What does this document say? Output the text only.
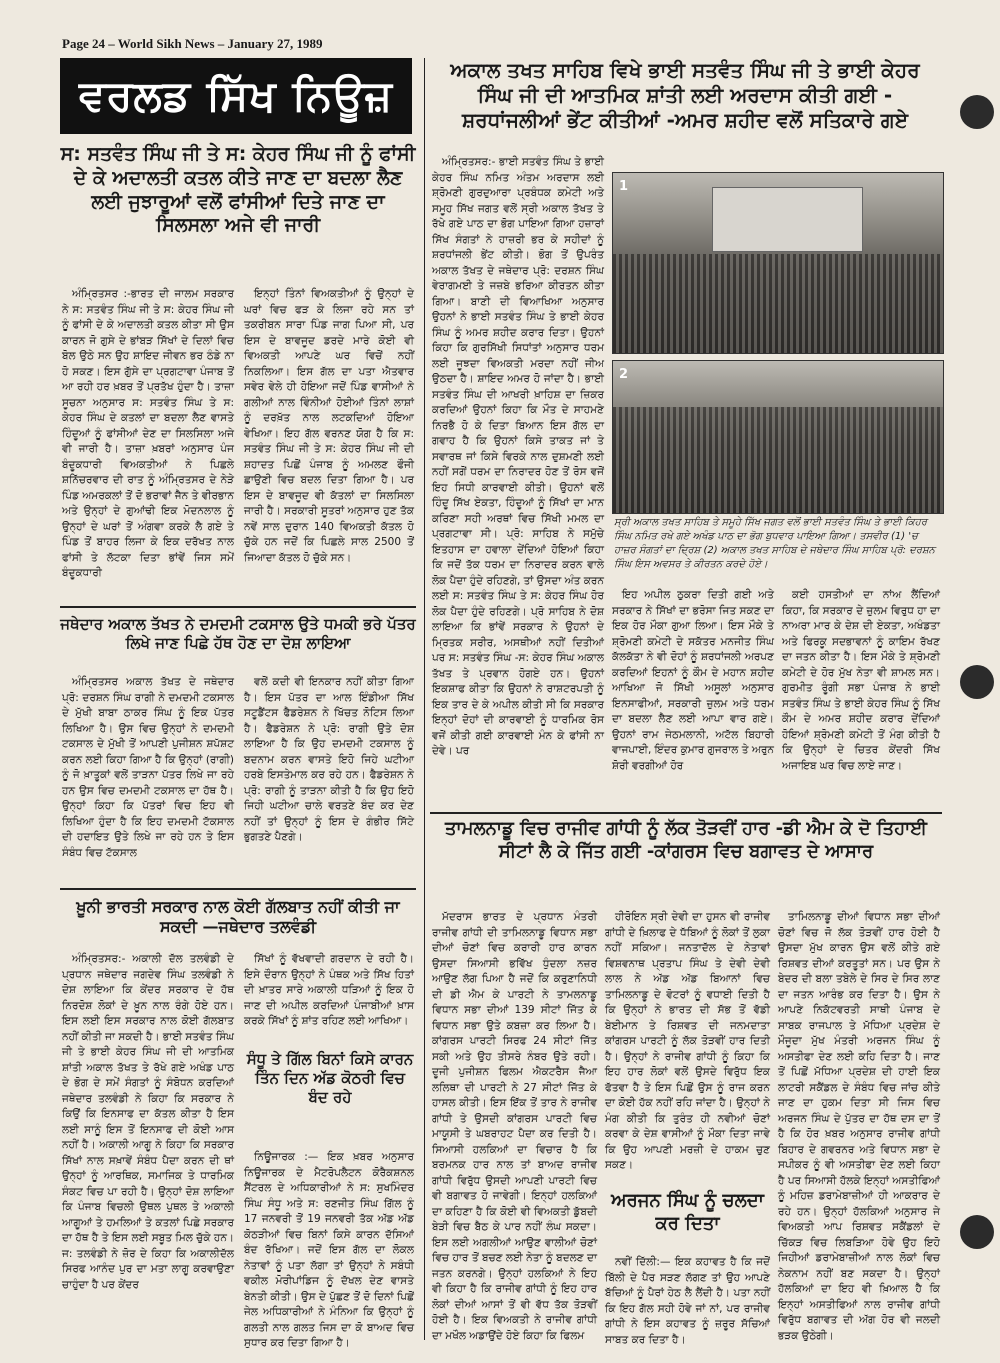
Page 24 – World Sikh News – January 27, 1989
ਵਰਲਡ ਸਿੱਖ ਨਿਊਜ਼
ਸ: ਸਤਵੰਤ ਸਿੰਘ ਜੀ ਤੇ ਸ: ਕੇਹਰ ਸਿੰਘ ਜੀ ਨੂੰ ਫਾਂਸੀ ਦੇ ਕੇ ਅਦਾਲਤੀ ਕਤਲ ਕੀਤੇ ਜਾਣ ਦਾ ਬਦਲਾ ਲੈਣ ਲਈ ਜੁਝਾਰੂਆਂ ਵਲੋਂ ਫਾਂਸੀਆਂ ਦਿਤੇ ਜਾਣ ਦਾ ਸਿਲਸਲਾ ਅਜੇ ਵੀ ਜਾਰੀ

ਅੰਮ੍ਰਿਤਸਰ :-ਭਾਰਤ ਦੀ ਜਾਲਮ ਸਰਕਾਰ ਨੇ ਸ: ਸਤਵੰਤ ਸਿੰਘ ਜੀ ਤੇ ਸ: ਕੇਹਰ ਸਿੰਘ ਜੀ ਨੂੰ ਫਾਂਸੀ ਦੇ ਕੇ ਅਦਾਲਤੀ ਕਤਲ ਕੀਤਾ ਸੀ ਉਸ ਕਾਰਨ ਜੋ ਗੁਸੇ ਦੇ ਭਾਂਬੜ ਸਿੱਖਾਂ ਦੇ ਦਿਲਾਂ ਵਿਚ ਬੋਲ ਉਠੇ ਸਨ ਉਹ ਸ਼ਾਇਦ ਜੀਵਨ ਭਰ ਠੰਡੇ ਨਾ ਹੋ ਸਕਣ। ਇਸ ਗੁੱਸੇ ਦਾ ਪ੍ਰਗਟਾਵਾ ਪੰਜਾਬ ਤੋਂ ਆ ਰਹੀ ਹਰ ਖ਼ਬਰ ਤੋਂ ਪ੍ਰਤੱਖ ਹੁੰਦਾ ਹੈ। ਤਾਜ਼ਾ ਸੂਚਨਾ ਅਨੁਸਾਰ ਸ: ਸਤਵੰਤ ਸਿੰਘ ਤੇ ਸ: ਕੇਹਰ ਸਿੰਘ ਦੇ ਕਤਲਾਂ ਦਾ ਬਦਲਾ ਲੈਣ ਵਾਸਤੇ ਹਿੰਦੂਆਂ ਨੂੰ ਫਾਂਸੀਆਂ ਦੇਣ ਦਾ ਸਿਲਸਿਲਾ ਅਜੇ ਵੀ ਜਾਰੀ ਹੈ। ਤਾਜ਼ਾ ਖ਼ਬਰਾਂ ਅਨੁਸਾਰ ਪੰਜ ਬੰਦੂਕਧਾਰੀ ਵਿਅਕਤੀਆਂ ਨੇ ਪਿਛਲੇ ਸ਼ਨਿੱਚਰਵਾਰ ਦੀ ਰਾਤ ਨੂੰ ਅੰਮ੍ਰਿਤਸਰ ਦੇ ਨੇੜੇ ਪਿੰਡ ਅਮਰਕਲਾਂ ਤੋਂ ਦੋ ਭਰਾਵਾਂ ਜੈਨ ਤੇ ਵੀਰਭਾਨ ਅਤੇ ਉਨ੍ਹਾਂ ਦੇ ਗੁਆਂਢੀ ਇਕ ਮੋਦਨਲਾਲ ਨੂੰ ਉਨ੍ਹਾਂ ਦੇ ਘਰਾਂ ਤੋਂ ਅੰਗਵਾ ਕਰਕੇ ਲੈ ਗਏ ਤੇ ਪਿੰਡ ਤੋਂ ਬਾਹਰ ਲਿਜਾ ਕੇ ਇਕ ਦਰੱਖਤ ਨਾਲ ਫਾਂਸੀ ਤੇ ਲੱਟਕਾ ਦਿਤਾ ਭਾਂਵੇਂ ਜਿਸ ਸਮੇਂ ਬੰਦੂਕਧਾਰੀ

ਇਨ੍ਹਾਂ ਤਿੰਨਾਂ ਵਿਅਕਤੀਆਂ ਨੂੰ ਉਨ੍ਹਾਂ ਦੇ ਘਰਾਂ ਵਿਚ ਫੜ ਕੇ ਲਿਜਾ ਰਹੇ ਸਨ ਤਾਂ ਤਕਰੀਬਨ ਸਾਰਾ ਪਿੰਡ ਜਾਗ ਪਿਆ ਸੀ, ਪਰ ਇਸ ਦੇ ਬਾਵਜੂਦ ਡਰਦੇ ਮਾਰੇ ਕੋਈ ਵੀ ਵਿਅਕਤੀ ਆਪਣੇ ਘਰ ਵਿਚੋਂ ਨਹੀਂ ਨਿਕਲਿਆ। ਇਸ ਗੱਲ ਦਾ ਪਤਾ ਐਤਵਾਰ ਸਵੇਰ ਵੇਲੇ ਹੀ ਹੋਇਆ ਜਦੋਂ ਪਿੰਡ ਵਾਸੀਆਂ ਨੇ ਗਲੀਆਂ ਨਾਲ ਵਿੰਨੀਆਂ ਹੋਈਆਂ ਤਿੰਨਾਂ ਲਾਸ਼ਾਂ ਨੂੰ ਦਰਖ਼ੱਤ ਨਾਲ ਲਟਕਦਿਆਂ ਹੋਇਆ ਵੇਖਿਆ। ਇਹ ਗੱਲ ਵਰਨਣ ਯੋਗ ਹੈ ਕਿ ਸ: ਸਤਵੰਤ ਸਿੰਘ ਜੀ ਤੇ ਸ: ਕੇਹਰ ਸਿੰਘ ਜੀ ਦੀ ਸ਼ਹਾਦਤ ਪਿਛੋਂ ਪੰਜਾਬ ਨੂੰ ਅਮਲਣ ਫੌਜੀ ਛਾਉਣੀ ਵਿਚ ਬਦਲ ਦਿਤਾ ਗਿਆ ਹੈ। ਪਰ ਇਸ ਦੇ ਬਾਵਜੂਦ ਵੀ ਕੱਤਲਾਂ ਦਾ ਸਿਲਸਿਲਾ ਜਾਰੀ ਹੈ। ਸਰਕਾਰੀ ਸੂਤਰਾਂ ਅਨੁਸਾਰ ਹੁਣ ਤੱਕ ਨਵੇਂ ਸਾਲ ਦੁਰਾਨ 140 ਵਿਅਕਤੀ ਕੱਤਲ ਹੋ ਚੁੱਕੇ ਹਨ ਜਦੋਂ ਕਿ ਪਿਛਲੇ ਸਾਲ 2500 ਤੋਂ ਜਿਆਦਾ ਕੱਤਲ ਹੋ ਚੁੱਕੇ ਸਨ।

ਜਥੇਦਾਰ ਅਕਾਲ ਤੱਖਤ ਨੇ ਦਮਦਮੀ ਟਕਸਾਲ ਉਤੇ ਧਮਕੀ ਭਰੇ ਪੱਤਰ ਲਿਖੇ ਜਾਣ ਪਿਛੇ ਹੱਥ ਹੋਣ ਦਾ ਦੋਸ਼ ਲਾਇਆ

ਅੰਮ੍ਰਿਤਸਰ ਅਕਾਲ ਤੱਖਤ ਦੇ ਜਥੇਦਾਰ ਪ੍ਰੋ: ਦਰਸ਼ਨ ਸਿੰਘ ਰਾਗੀ ਨੇ ਦਮਦਮੀ ਟਕਸਾਲ ਦੇ ਮੁੱਖੀ ਬਾਬਾ ਠਾਕਰ ਸਿੰਘ ਨੂੰ ਇਕ ਪੱਤਰ ਲਿਖਿਆ ਹੈ। ਉਸ ਵਿਚ ਉਨ੍ਹਾਂ ਨੇ ਦਮਦਮੀ ਟਕਸਾਲ ਦੇ ਮੁੱਖੀ ਤੋਂ ਆਪਣੀ ਪੁਜੀਸ਼ਨ ਸ਼ਪੱਸ਼ਟ ਕਰਨ ਲਈ ਕਿਹਾ ਗਿਆ ਹੈ ਕਿ ਉਨ੍ਹਾਂ (ਰਾਗੀ) ਨੂੰ ਜੋ ਖ਼ਾਤੂਕਾਂ ਵਲੋਂ ਤਾੜਨਾ ਪੱਤਰ ਲਿਖੇ ਜਾ ਰਹੇ ਹਨ ਉਸ ਵਿਚ ਦਮਦਮੀ ਟਕਸਾਲ ਦਾ ਹੱਥ ਹੈ। ਉਨ੍ਹਾਂ ਕਿਹਾ ਕਿ ਪੱਤਰਾਂ ਵਿਚ ਇਹ ਵੀ ਲਿਖਿਆ ਹੁੰਦਾ ਹੈ ਕਿ ਇਹ ਦਮਦਮੀ ਟੱਕਸਾਲ ਦੀ ਹਦਾਇਤ ਉਤੇ ਲਿਖੇ ਜਾ ਰਹੇ ਹਨ ਤੇ ਇਸ ਸੰਬੰਧ ਵਿਚ ਟੱਕਸਾਲ

ਵਲੋਂ ਕਦੀ ਵੀ ਇਨਕਾਰ ਨਹੀਂ ਕੀਤਾ ਗਿਆ ਹੈ। ਇਸ ਪੱਤਰ ਦਾ ਆਲ ਇੰਡੀਆ ਸਿੱਖ ਸਟੂਡੈਂਟਸ ਫੈਡਰੇਸ਼ਨ ਨੇ ਖਿੱਚਤ ਨੋਟਿਸ ਲਿਆ ਹੈ। ਫੈਡਰੇਸ਼ਨ ਨੇ ਪ੍ਰੋ: ਰਾਗੀ ਉਤੇ ਦੋਸ਼ ਲਾਇਆ ਹੈ ਕਿ ਉਹ ਦਮਦਮੀ ਟਕਸਾਲ ਨੂੰ ਬਦਨਾਮ ਕਰਨ ਵਾਸਤੇ ਇਹੋ ਜਿਹੇ ਘਟੀਆ ਹਰਬੇ ਇਸਤੇਮਾਲ ਕਰ ਰਹੇ ਹਨ। ਫੈਡਰੇਸ਼ਨ ਨੇ ਪ੍ਰੋ: ਰਾਗੀ ਨੂੰ ਤਾੜਨਾ ਕੀਤੀ ਹੈ ਕਿ ਉਹ ਇਹੋ ਜਿਹੀ ਘਟੀਆ ਚਾਲੇ ਵਰਤਣੇ ਬੰਦ ਕਰ ਦੇਣ ਨਹੀਂ ਤਾਂ ਉਨ੍ਹਾਂ ਨੂੰ ਇਸ ਦੇ ਗੰਭੀਰ ਸਿੱਟੇ ਭੁਗਤਣੇ ਪੈਣਗੇ।

ਖ਼ੂਨੀ ਭਾਰਤੀ ਸਰਕਾਰ ਨਾਲ ਕੋਈ ਗੱਲਬਾਤ ਨਹੀਂ ਕੀਤੀ ਜਾ ਸਕਦੀ —ਜਥੇਦਾਰ ਤਲਵੰਡੀ

ਅੰਮ੍ਰਿਤਸਰ:- ਅਕਾਲੀ ਦੱਲ ਤਲਵੰਡੀ ਦੇ ਪ੍ਰਧਾਨ ਜਥੇਦਾਰ ਜਗਦੇਵ ਸਿੰਘ ਤਲਵੰਡੀ ਨੇ ਦੋਸ਼ ਲਾਇਆ ਕਿ ਕੇਂਦਰ ਸਰਕਾਰ ਦੇ ਹੱਥ ਨਿਰਦੋਸ਼ ਲੋਕਾਂ ਦੇ ਖ਼ੂਨ ਨਾਲ ਰੰਗੇ ਹੋਏ ਹਨ। ਇਸ ਲਈ ਇਸ ਸਰਕਾਰ ਨਾਲ ਕੋਈ ਗੱਲਬਾਤ ਨਹੀਂ ਕੀਤੀ ਜਾ ਸਕਦੀ ਹੈ। ਭਾਈ ਸਤਵੰਤ ਸਿੰਘ ਜੀ ਤੇ ਭਾਈ ਕੇਹਰ ਸਿੰਘ ਜੀ ਦੀ ਆਤਮਿਕ ਸ਼ਾਂਤੀ ਅਕਾਲ ਤੱਖਤ ਤੇ ਰੱਖੇ ਗਏ ਅਖੰਡ ਪਾਠ ਦੇ ਭੋਗ ਦੇ ਸਮੇਂ ਸੰਗਤਾਂ ਨੂੰ ਸੰਬੋਧਨ ਕਰਦਿਆਂ ਜਥੇਦਾਰ ਤਲਵੰਡੀ ਨੇ ਕਿਹਾ ਕਿ ਸਰਕਾਰ ਨੇ ਕਿਉਂ ਕਿ ਇਨਸਾਫ ਦਾ ਕੱਤਲ ਕੀਤਾ ਹੈ ਇਸ ਲਈ ਸਾਨੂੰ ਇਸ ਤੋਂ ਇਨਸਾਫ ਦੀ ਕੋਈ ਆਸ ਨਹੀਂ ਹੈ। ਅਕਾਲੀ ਆਗੂ ਨੇ ਕਿਹਾ ਕਿ ਸਰਕਾਰ ਸਿੱਖਾਂ ਨਾਲ ਸਖ਼ਾਵੇਂ ਸੰਬੰਧ ਪੈਦਾ ਕਰਨ ਦੀ ਥਾਂ ਉਨ੍ਹਾਂ ਨੂੰ ਆਰਥਿਕ, ਸਮਾਜਿਕ ਤੇ ਧਾਰਮਿਕ ਸੰਕਟ ਵਿਚ ਪਾ ਰਹੀ ਹੈ। ਉਨ੍ਹਾਂ ਦੋਸ਼ ਲਾਇਆ ਕਿ ਪੰਜਾਬ ਵਿਚਲੀ ਉਥਲ ਪੁਥਲ ਤੇ ਅਕਾਲੀ ਆਗੂਆਂ ਤੇ ਹਮਲਿਆਂ ਤੇ ਕਤਲਾਂ ਪਿਛੇ ਸਰਕਾਰ ਦਾ ਹੱਥ ਹੈ ਤੇ ਇਸ ਲਈ ਸਬੂਤ ਮਿਲ ਚੁੱਕੇ ਹਨ। ਜ: ਤਲਵੰਡੀ ਨੇ ਜ਼ੋਰ ਦੇ ਕਿਹਾ ਕਿ ਅਕਾਲੀਦੱਲ ਸਿਰਫ ਆਨੰਦ ਪੁਰ ਦਾ ਮਤਾ ਲਾਗੂ ਕਰਵਾਉਣਾ ਚਾਹੁੰਦਾ ਹੈ ਪਰ ਕੇਂਦਰ

ਸਿੱਖਾਂ ਨੂੰ ਵੱਖਵਾਦੀ ਗਰਦਾਨ ਦੇ ਰਹੀ ਹੈ। ਇਸੇ ਦੌਰਾਨ ਉਨ੍ਹਾਂ ਨੇ ਪੰਥਕ ਅਤੇ ਸਿੱਖ ਹਿਤਾਂ ਦੀ ਖ਼ਾਤਰ ਸਾਰੇ ਅਕਾਲੀ ਧੜਿਆਂ ਨੂੰ ਇਕ ਹੋ ਜਾਣ ਦੀ ਅਪੀਲ ਕਰਦਿਆਂ ਪੰਜਾਬੀਆਂ ਖ਼ਾਸ ਕਰਕੇ ਸਿੱਖਾਂ ਨੂੰ ਸ਼ਾਂਤ ਰਹਿਣ ਲਈ ਆਖਿਆ।

ਸੰਧੂ ਤੇ ਗਿੱਲ ਬਿਨਾਂ ਕਿਸੇ ਕਾਰਨ ਤਿੰਨ ਦਿਨ ਅੱਡ ਕੋਠਰੀ ਵਿਚ ਬੰਦ ਰਹੇ

ਨਿਊਜਾਰਕ :— ਇਕ ਖ਼ਬਰ ਅਨੁਸਾਰ ਨਿਊਜਾਰਕ ਦੇ ਮੈਟਰੋਪਲੈਟਨ ਕੋਰੈਕਸ਼ਨਲ ਸੈਂਟਰਲ ਦੇ ਅਧਿਕਾਰੀਆਂ ਨੇ ਸ: ਸੁਖਮਿੰਦਰ ਸਿੰਘ ਸੰਧੂ ਅਤੇ ਸ: ਰਣਜੀਤ ਸਿੰਘ ਗਿੱਲ ਨੂੰ 17 ਜਨਵਰੀ ਤੋਂ 19 ਜਨਵਰੀ ਤੱਕ ਅੱਡ ਅੱਡ ਕੋਠੜੀਆਂ ਵਿਚ ਬਿਨਾਂ ਕਿਸੇ ਕਾਰਨ ਦੱਸਿਆਂ ਬੰਦ ਰੱਖਿਆ। ਜਦੋਂ ਇਸ ਗੱਲ ਦਾ ਲੋਕਲ ਨੇਤਾਵਾਂ ਨੂੰ ਪਤਾ ਲੱਗਾ ਤਾਂ ਉਨ੍ਹਾਂ ਨੇ ਸਬੰਧੀ ਵਕੀਲ ਮੋਰੀਪਾਂਡਿਜ ਨੂੰ ਦੱਖਲ ਦੇਣ ਵਾਸਤੇ ਬੇਨਤੀ ਕੀਤੀ। ਉਸ ਦੇ ਪੁੱਛਣ ਤੋਂ ਦੋ ਦਿਨਾਂ ਪਿਛੋਂ ਜੇਲ ਅਧਿਕਾਰੀਆਂ ਨੇ ਮੰਨਿਆ ਕਿ ਉਨ੍ਹਾਂ ਨੂੰ ਗਲਤੀ ਨਾਲ ਗਲਤ ਜਿਸ ਦਾ ਕੋ ਬਾਅਦ ਵਿਚ ਸੁਧਾਰ ਕਰ ਦਿਤਾ ਗਿਆ ਹੈ।

ਅਕਾਲ ਤਖਤ ਸਾਹਿਬ ਵਿਖੇ ਭਾਈ ਸਤਵੰਤ ਸਿੰਘ ਜੀ ਤੇ ਭਾਈ ਕੇਹਰ ਸਿੰਘ ਜੀ ਦੀ ਆਤਮਿਕ ਸ਼ਾਂਤੀ ਲਈ ਅਰਦਾਸ ਕੀਤੀ ਗਈ - ਸ਼ਰਧਾਂਜਲੀਆਂ ਭੇਂਟ ਕੀਤੀਆਂ -ਅਮਰ ਸ਼ਹੀਦ ਵਲੋਂ ਸਤਿਕਾਰੇ ਗਏ

ਅੰਮ੍ਰਿਤਸਰ:- ਭਾਈ ਸਤਵੰਤ ਸਿੰਘ ਤੇ ਭਾਈ ਕੇਹਰ ਸਿੰਘ ਨਮਿਤ ਅੰਤਮ ਅਰਦਾਸ ਲਈ ਸ਼੍ਰੋਮਣੀ ਗੁਰਦੁਆਰਾ ਪ੍ਰਬੰਧਕ ਕਮੇਟੀ ਅਤੇ ਸਮੂਹ ਸਿੱਖ ਜਗਤ ਵਲੋਂ ਸ੍ਰੀ ਅਕਾਲ ਤੱਖਤ ਤੇ ਰੱਖੇ ਗਏ ਪਾਠ ਦਾ ਭੋਗ ਪਾਇਆ ਗਿਆ ਹਜ਼ਾਰਾਂ ਸਿੱਖ ਸੰਗਤਾਂ ਨੇ ਹਾਜ਼ਰੀ ਭਰ ਕੇ ਸਹੀਦਾਂ ਨੂੰ ਸ਼ਰਧਾਂਜਲੀ ਭੇਂਟ ਕੀਤੀ। ਭੋਗ ਤੋਂ ਉਪਰੰਤ ਅਕਾਲ ਤੱਖਤ ਦੇ ਜਥੇਦਾਰ ਪ੍ਰੋ: ਦਰਸ਼ਨ ਸਿੰਘ ਵੇਰਾਗਮਈ ਤੇ ਜਜ਼ਬੇ ਭਰਿਆ ਕੀਰਤਨ ਕੀਤਾ ਗਿਆ। ਬਾਣੀ ਦੀ ਵਿਆਖਿਆ ਅਨੁਸਾਰ ਉਹਨਾਂ ਨੇ ਭਾਈ ਸਤਵੰਤ ਸਿੰਘ ਤੇ ਭਾਈ ਕੇਹਰ ਸਿੰਘ ਨੂੰ ਅਮਰ ਸ਼ਹੀਦ ਕਰਾਰ ਦਿਤਾ। ਉਹਨਾਂ ਕਿਹਾ ਕਿ ਗੁਰਸਿੱਖੀ ਸਿਧਾਂਤਾਂ ਅਨੁਸਾਰ ਧਰਮ ਲਈ ਜੂਝਦਾ ਵਿਅਕਤੀ ਮਰਦਾ ਨਹੀਂ ਜੀਅ ਉਠਦਾ ਹੈ। ਸ਼ਾਇਦ ਅਮਰ ਹੋ ਜਾਂਦਾ ਹੈ। ਭਾਈ ਸਤਵੰਤ ਸਿੰਘ ਦੀ ਆਖਰੀ ਖ਼ਾਹਿਸ਼ ਦਾ ਜ਼ਿਕਰ ਕਰਦਿਆਂ ਉਹਨਾਂ ਕਿਹਾ ਕਿ ਮੌਤ ਦੇ ਸਾਹਮਣੇ ਨਿਰਭੈ ਹੋ ਕੇ ਦਿਤਾ ਬਿਆਨ ਇਸ ਗੱਲ ਦਾ ਗਵਾਹ ਹੈ ਕਿ ਉਹਨਾਂ ਕਿਸੇ ਤਾਕਤ ਜਾਂ ਤੇ ਸਵਾਰਥ ਜਾਂ ਕਿਸੇ ਵਿਰਕੇ ਨਾਲ ਦੁਸ਼ਮਣੀ ਲਈ ਨਹੀਂ ਸਗੋਂ ਧਰਮ ਦਾ ਨਿਰਾਦਰ ਹੋਣ ਤੋਂ ਰੋਸ ਵਜੋਂ ਇਹ ਸਿਧੀ ਕਾਰਵਾਈ ਕੀਤੀ। ਉਹਨਾਂ ਵਲੋਂ ਹਿੰਦੂ ਸਿੱਖ ਏਕਤਾ, ਹਿੰਦੂਆਂ ਨੂੰ ਸਿੱਖਾਂ ਦਾ ਮਾਨ ਕਰਿਣਾ ਸਹੀ ਅਰਥਾਂ ਵਿਚ ਸਿੱਖੀ ਮਮਲ ਦਾ ਪ੍ਰਗਟਾਵਾ ਸੀ। ਪ੍ਰੋ: ਸਾਹਿਬ ਨੇ ਸਮੁੱਚੇ ਇਤਹਾਸ ਦਾ ਹਵਾਲਾ ਦੇਂਦਿਆਂ ਹੋਇਆਂ ਕਿਹਾ ਕਿ ਜਦੋਂ ਤੱਕ ਧਰਮ ਦਾ ਨਿਰਾਦਰ ਕਰਨ ਵਾਲੇ ਲੋਕ ਪੈਦਾ ਹੁੰਦੇ ਰਹਿਣਗੇ, ਤਾਂ ਉਸਦਾ ਅੰਤ ਕਰਨ ਲਈ ਸ: ਸਤਵੰਤ ਸਿੰਘ ਤੇ ਸ: ਕੇਹਰ ਸਿੰਘ ਹੋਰ ਲੋਕ ਪੈਦਾ ਹੁੰਦੇ ਰਹਿਣਗੇ। ਪ੍ਰੋ ਸਾਹਿਬ ਨੇ ਦੋਸ਼ ਲਾਇਆ ਕਿ ਭਾਂਵੇਂ ਸਰਕਾਰ ਨੇ ਉਹਨਾਂ ਦੇ ਮ੍ਰਿਤਕ ਸਰੀਰ, ਅਸਥੀਆਂ ਨਹੀਂ ਦਿਤੀਆਂ ਪਰ ਸ: ਸਤਵੰਤ ਸਿੰਘ -ਸ: ਕੇਹਰ ਸਿੰਘ ਅਕਾਲ ਤੱਖਤ ਤੇ ਪ੍ਰਵਾਨ ਹੋਗਏ ਹਨ। ਉਹਨਾਂ ਇਕਸ਼ਾਫ ਕੀਤਾ ਕਿ ਉਹਨਾਂ ਨੇ ਰਾਸ਼ਟਰਪਤੀ ਨੂੰ ਇਕ ਤਾਰ ਦੇ ਕੇ ਅਪੀਲ ਕੀਤੀ ਸੀ ਕਿ ਸਰਕਾਰ ਇਨ੍ਹਾਂ ਦੋਹਾਂ ਦੀ ਕਾਰਵਾਈ ਨੂੰ ਧਾਰਮਿਕ ਰੋਸ ਵਜੋਂ ਕੀਤੀ ਗਈ ਕਾਰਵਾਈ ਮੰਨ ਕੇ ਫਾਂਸੀ ਨਾ ਦੇਵੇ। ਪਰ

1
2
ਸ੍ਰੀ ਅਕਾਲ ਤਖਤ ਸਾਹਿਬ ਤੇ ਸਮੂਹੇ ਸਿੱਖ ਜਗਤ ਵਲੋਂ ਭਾਈ ਸਤਵੰਤ ਸਿੰਘ ਤੇ ਭਾਈ ਕਿਹਰ ਸਿੰਘ ਨਮਿਤ ਰਖੇ ਗਏ ਅਖੰਡ ਪਾਠ ਦਾ ਭੋਗ ਬੁਧਵਾਰ ਪਾਇਆ ਗਿਆ। ਤਸਵੀਰ (1) 'ਚ ਹਾਜ਼ਰ ਸੰਗਤਾਂ ਦਾ ਦ੍ਰਿਸ਼ (2) ਅਕਾਲ ਤਖਤ ਸਾਹਿਬ ਦੇ ਜਥੇਦਾਰ ਸਿੰਘ ਸਾਹਿਬ ਪ੍ਰੋ: ਦਰਸ਼ਨ ਸਿੰਘ ਇਸ ਅਵਸਰ ਤੇ ਕੀਰਤਨ ਕਰਦੇ ਹੋਏ।

ਇਹ ਅਪੀਲ ਠੁਕਰਾ ਦਿਤੀ ਗਈ ਅਤੇ ਸਰਕਾਰ ਨੇ ਸਿੱਖਾਂ ਦਾ ਭਰੋਸਾ ਜਿਤ ਸਕਣ ਦਾ ਇਕ ਹੋਰ ਮੌਕਾ ਗੁਆ ਲਿਆ। ਇਸ ਮੌਕੇ ਤੇ ਸ਼੍ਰੋਮਣੀ ਕਮੇਟੀ ਦੇ ਸਕੱਤਰ ਮਨਜੀਤ ਸਿੰਘ ਕੱਲਕੱਤਾ ਨੇ ਵੀ ਦੋਹਾਂ ਨੂੰ ਸ਼ਰਧਾਂਜਲੀ ਅਰਪਣ ਕਰਦਿਆਂ ਇਹਨਾਂ ਨੂੰ ਕੌਮ ਦੇ ਮਹਾਨ ਸ਼ਹੀਦ ਆਖਿਆ ਜੋ ਸਿੱਖੀ ਅਸੂਲਾਂ ਅਨੁਸਾਰ ਇਨਸਾਫੀਆਂ, ਸਰਕਾਰੀ ਜ਼ੁਲਮ ਅਤੇ ਧਰਮ ਦਾ ਬਦਲਾ ਲੈਣ ਲਈ ਆਪਾ ਵਾਰ ਗਏ। ਉਹਨਾਂ ਰਾਮ ਜੇਠਮਲਾਨੀ, ਅਟੱਲ ਬਿਹਾਰੀ ਵਾਜਪਾਈ, ਇੰਦਰ ਕੁਮਾਰ ਗੁਜਰਾਲ ਤੇ ਅਰੁਨ ਸ਼ੋਰੀ ਵਰਗੀਆਂ ਹੋਰ

ਕਈ ਹਸਤੀਆਂ ਦਾ ਨਾਂਅ ਲੈਂਦਿਆਂ ਕਿਹਾ, ਕਿ ਸਰਕਾਰ ਦੇ ਜ਼ੁਲਮ ਵਿਰੁਧ ਹਾ ਦਾ ਨਾਅਰਾ ਮਾਰ ਕੇ ਦੇਸ਼ ਦੀ ਏਕਤਾ, ਅਖੰਡਤਾ ਅਤੇ ਫਿਰਕੂ ਸਦਭਾਵਨਾਂ ਨੂੰ ਕਾਇਮ ਰੱਖਣ ਦਾ ਜਤਨ ਕੀਤਾ ਹੈ। ਇਸ ਮੌਕੇ ਤੇ ਸ਼੍ਰੋਮਣੀ ਕਮੇਟੀ ਦੇ ਹੋਰ ਮੁੱਖ ਨੇਤਾ ਵੀ ਸ਼ਾਮਲ ਸਨ। ਗੁਰਮੀਤ ਰੂੰਗੀ ਸਭਾ ਪੰਜਾਬ ਨੇ ਭਾਈ ਸਤਵੰਤ ਸਿੰਘ ਤੇ ਭਾਈ ਕੇਹਰ ਸਿੰਘ ਨੂੰ ਸਿੱਖ ਕੌਮ ਦੇ ਅਮਰ ਸ਼ਹੀਦ ਕਰਾਰ ਦੇਂਦਿਆਂ ਹੋਇਆਂ ਸ਼੍ਰੋਮਣੀ ਕਮੇਟੀ ਤੋਂ ਮੰਗ ਕੀਤੀ ਹੈ ਕਿ ਉਨ੍ਹਾਂ ਦੇ ਚਿਤਰ ਕੇਂਦਰੀ ਸਿੱਖ ਅਜਾਇਬ ਘਰ ਵਿਚ ਲਾਏ ਜਾਣ।

ਤਾਮਲਨਾਡੂ ਵਿਚ ਰਾਜੀਵ ਗਾਂਧੀ ਨੂੰ ਲੱਕ ਤੋੜਵੀਂ ਹਾਰ -ਡੀ ਐਮ ਕੇ ਦੋ ਤਿਹਾਈ ਸੀਟਾਂ ਲੈ ਕੇ ਜਿੱਤ ਗਈ -ਕਾਂਗਰਸ ਵਿਚ ਬਗਾਵਤ ਦੇ ਆਸਾਰ

ਮੱਦਰਾਸ ਭਾਰਤ ਦੇ ਪ੍ਰਧਾਨ ਮੰਤਰੀ ਰਾਜੀਵ ਗਾਂਧੀ ਦੀ ਤਾਮਿਲਨਾਡੂ ਵਿਧਾਨ ਸਭਾ ਦੀਆਂ ਚੋਣਾਂ ਵਿਚ ਕਰਾਰੀ ਹਾਰ ਕਾਰਨ ਉਸਦਾ ਸਿਆਸੀ ਭਵਿੱਖ ਧੁੰਦਲਾ ਨਜ਼ਰ ਆਉਣ ਲੱਗ ਪਿਆ ਹੈ ਜਦੋਂ ਕਿ ਕਰੁਣਾਨਿਧੀ ਦੀ ਡੀ ਐਮ ਕੇ ਪਾਰਟੀ ਨੇ ਤਾਮਲਨਾਡੂ ਵਿਧਾਨ ਸਭਾ ਦੀਆਂ 139 ਸੀਟਾਂ ਜਿੱਤ ਕੇ ਵਿਧਾਨ ਸਭਾ ਉਤੇ ਕਬਜ਼ਾ ਕਰ ਲਿਆ ਹੈ। ਕਾਂਗਰਸ ਪਾਰਟੀ ਸਿਰਫ 24 ਸੀਟਾਂ ਜਿੱਤ ਸਕੀ ਅਤੇ ਉਹ ਤੀਸਰੇ ਨੰਬਰ ਉਤੇ ਰਹੀ। ਦੂਜੀ ਪੁਜੀਸ਼ਨ ਫਿਲਮ ਐਕਟਰੈਸ ਜੈਆ ਲਲਿਥਾ ਦੀ ਪਾਰਟੀ ਨੇ 27 ਸੀਟਾਂ ਜਿੱਤ ਕੇ ਹਾਸਲ ਕੀਤੀ। ਇਸ ਇੱਕ ਤੋਂ ਤਾਰ ਨੇ ਰਾਜੀਵ ਗਾਂਧੀ ਤੇ ਉਸਦੀ ਕਾਂਗਰਸ ਪਾਰਟੀ ਵਿਚ ਮਾਯੂਸੀ ਤੇ ਘਬਰਾਹਟ ਪੈਦਾ ਕਰ ਦਿਤੀ ਹੈ। ਸਿਆਸੀ ਹਲਕਿਆਂ ਦਾ ਵਿਚਾਰ ਹੈ ਕਿ ਬਰਮਨਕ ਹਾਰ ਨਾਲ ਤਾਂ ਬਾਅਦ ਰਾਜੀਵ ਗਾਂਧੀ ਵਿਰੁੱਧ ਉਸਦੀ ਆਪਣੀ ਪਾਰਟੀ ਵਿਚ ਵੀ ਬਗਾਵਤ ਹੋ ਜਾਵੇਗੀ। ਇਨ੍ਹਾਂ ਹਲਕਿਆਂ ਦਾ ਕਹਿਣਾ ਹੈ ਕਿ ਕੋਈ ਵੀ ਵਿਅਕਤੀ ਡੁੱਬਦੀ ਬੇੜੀ ਵਿਚ ਬੈਠ ਕੇ ਪਾਰ ਨਹੀਂ ਲੰਘ ਸਕਦਾ। ਇਸ ਲਈ ਅਗਲੀਆਂ ਆਉਣ ਵਾਲੀਆਂ ਚੋਣਾਂ ਵਿਚ ਹਾਰ ਤੋਂ ਬਚਣ ਲਈ ਨੇਤਾ ਨੂੰ ਬਦਲਣ ਦਾ ਜਤਨ ਕਰਨਗੇ। ਉਨ੍ਹਾਂ ਹਲਕਿਆਂ ਨੇ ਇਹ ਵੀ ਕਿਹਾ ਹੈ ਕਿ ਰਾਜੀਵ ਗਾਂਧੀ ਨੂੰ ਇਹ ਹਾਰ ਲੋਕਾਂ ਦੀਆਂ ਆਸਾਂ ਤੋਂ ਵੀ ਵੱਧ ਤੱਕ ਤੋੜਵੀਂ ਹੋਈ ਹੈ। ਇਕ ਵਿਅਕਤੀ ਨੇ ਰਾਜੀਵ ਗਾਂਧੀ ਦਾ ਮਖੌਲ ਅਡਾਉਂਦੇ ਹੋਏ ਕਿਹਾ ਕਿ ਫਿਲਮ

ਹੀਰੋਇਨ ਸ੍ਰੀ ਦੇਵੀ ਦਾ ਹੁਸਨ ਵੀ ਰਾਜੀਵ ਗਾਂਧੀ ਦੇ ਖ਼ਿਲਾਫ ਦੇ ਧੱਬਿਆਂ ਨੂੰ ਲੋਕਾਂ ਤੋਂ ਲੁਕਾ ਨਹੀਂ ਸਕਿਆ। ਜਨਤਾਦੱਲ ਦੇ ਨੇਤਾਵਾਂ ਵਿਸ਼ਵਨਾਥ ਪ੍ਰਤਾਪ ਸਿੰਘ ਤੇ ਦੇਵੀ ਦੇਵੀ ਲਾਲ ਨੇ ਅੱਡ ਅੱਡ ਬਿਆਨਾਂ ਵਿਚ ਤਾਮਿਲਨਾਡੂ ਦੇ ਵੋਟਰਾਂ ਨੂੰ ਵਧਾਈ ਦਿਤੀ ਹੈ ਕਿ ਉਨ੍ਹਾਂ ਨੇ ਭਾਰਤ ਦੀ ਸੱਭ ਤੋਂ ਵੱਡੀ ਬੇਈਮਾਨ ਤੇ ਰਿਸ਼ਵਤ ਦੀ ਜਨਮਦਾਤਾ ਕਾਂਗਰਸ ਪਾਰਟੀ ਨੂੰ ਲੱਕ ਤੋੜਵੀਂ ਹਾਰ ਦਿਤੀ ਹੈ। ਉਨ੍ਹਾਂ ਨੇ ਰਾਜੀਵ ਗਾਂਧੀ ਨੂੰ ਕਿਹਾ ਕਿ ਇਹ ਹਾਰ ਲੋਕਾਂ ਵਲੋਂ ਉਸਦੇ ਵਿਰੁੱਧ ਇਕ ਫੱਤਵਾ ਹੈ ਤੇ ਇਸ ਪਿਛੋਂ ਉਸ ਨੂੰ ਰਾਜ ਕਰਨ ਦਾ ਕੋਈ ਹੱਕ ਨਹੀਂ ਰਹਿ ਜਾਂਦਾ ਹੈ। ਉਨ੍ਹਾਂ ਨੇ ਮੰਗ ਕੀਤੀ ਕਿ ਤੁਰੰਤ ਹੀ ਨਵੀਆਂ ਚੋਣਾਂ ਕਰਵਾ ਕੇ ਦੇਸ਼ ਵਾਸੀਆਂ ਨੂੰ ਮੌਕਾ ਦਿਤਾ ਜਾਵੇ ਕਿ ਉਹ ਆਪਣੀ ਮਰਜ਼ੀ ਦੇ ਹਾਕਮ ਚੁਣ ਸਕਣ।

ਤਾਮਿਲਨਾਡੂ ਦੀਆਂ ਵਿਧਾਨ ਸਭਾ ਦੀਆਂ ਚੋਣਾਂ ਵਿਚ ਜੋ ਲੱਕ ਤੋੜਵੀਂ ਹਾਰ ਹੋਈ ਹੈ ਉਸਦਾ ਮੁੱਖ ਕਾਰਨ ਉਸ ਵਲੋਂ ਕੀਤੇ ਗਏ ਰਿਸ਼ਵਤ ਦੀਆਂ ਕਰਤੂਤਾਂ ਸਨ। ਪਰ ਉਸ ਨੇ ਬੇਦਰ ਦੀ ਬਲਾ ਤਬੇਲੇ ਦੇ ਸਿਰ ਦੇ ਸਿਰ ਲਾਣ ਦਾ ਜਤਨ ਆਰੰਭ ਕਰ ਦਿਤਾ ਹੈ। ਉਸ ਨੇ ਆਪਣੇ ਨਿਕੱਟਵਰਤੀ ਸਾਥੀ ਪੰਜਾਬ ਦੇ ਸਾਬਕ ਰਾਜਪਾਲ ਤੇ ਮੱਧਿਆ ਪ੍ਰਦੇਸ਼ ਦੇ ਮੌਜੂਦਾ ਮੁੱਖ ਮੰਤਰੀ ਅਰਜਨ ਸਿੰਘ ਨੂੰ ਅਸਤੀਫਾ ਦੇਣ ਲਈ ਕਹਿ ਦਿਤਾ ਹੈ। ਜਾਣ ਤੋਂ ਪਿਛੋਂ ਮੱਧਿਆ ਪ੍ਰਦੇਸ਼ ਦੀ ਹਾਈ ਇਕ ਲਾਟਰੀ ਸਕੈਂਡਲ ਦੇ ਸੰਬੰਧ ਵਿਚ ਜਾਂਚ ਕੀਤੇ ਜਾਣ ਦਾ ਹੁਕਮ ਦਿਤਾ ਸੀ ਜਿਸ ਵਿਚ ਅਰਜਨ ਸਿੰਘ ਦੇ ਪੁੱਤਰ ਦਾ ਹੱਥ ਦਸ ਦਾ ਤੋਂ ਹੈ ਕਿ ਹੋਰ ਖ਼ਬਰ ਅਨੁਸਾਰ ਰਾਜੀਵ ਗਾਂਧੀ ਬਿਹਾਰ ਦੇ ਗਵਰਨਰ ਅਤੇ ਵਿਧਾਨ ਸਭਾ ਦੇ ਸਪੀਕਰ ਨੂੰ ਵੀ ਅਸਤੀਫਾ ਦੇਣ ਲਈ ਕਿਹਾ ਹੈ ਪਰ ਸਿਆਸੀ ਹੱਲਕੇ ਇਨ੍ਹਾਂ ਅਸਤੀਫਿਆਂ ਨੂੰ ਮਹਿਜ਼ ਡਰਾਮੇਬਾਜ਼ੀਆਂ ਹੀ ਆਕਰਾਰ ਦੇ ਰਹੇ ਹਨ। ਉਨ੍ਹਾਂ ਹੱਲਕਿਆਂ ਅਨੁਸਾਰ ਜੇ ਵਿਅਕਤੀ ਆਪ ਰਿਸ਼ਵਤ ਸਕੈਂਡਲਾਂ ਦੇ ਚਿੱਕੜ ਵਿਚ ਲਿਬੜਿਆ ਹੋਵੇ ਉਹ ਇਹੋ ਜਿਹੀਆਂ ਡਰਾਮੇਬਾਜ਼ੀਆਂ ਨਾਲ ਲੋਕਾਂ ਵਿਚ ਨੇਕਨਾਮ ਨਹੀਂ ਬਣ ਸਕਦਾ ਹੈ। ਉਨ੍ਹਾਂ ਹੱਲਕਿਆਂ ਦਾ ਇਹ ਵੀ ਖ਼ਿਆਲ ਹੈ ਕਿ ਇਨ੍ਹਾਂ ਅਸਤੀਫਿਆਂ ਨਾਲ ਰਾਜੀਵ ਗਾਂਧੀ ਵਿਰੁੱਧ ਬਗਾਵਤ ਦੀ ਅੱਗ ਹੋਰ ਵੀ ਜਲਦੀ ਭੜਕ ਉਠੇਗੀ।

ਅਰਜਨ ਸਿੰਘ ਨੂੰ ਚਲਦਾ ਕਰ ਦਿਤਾ

ਨਵੀਂ ਦਿੱਲੀ:— ਇਕ ਕਹਾਵਤ ਹੈ ਕਿ ਜਦੋਂ ਬਿੱਲੀ ਦੇ ਪੈਰ ਸੜਣ ਲੱਗਣ ਤਾਂ ਉਹ ਆਪਣੇ ਬੱਚਿਆਂ ਨੂੰ ਪੈਰਾਂ ਹੇਠ ਲੈ ਲੈਂਦੀ ਹੈ। ਪਤਾ ਨਹੀਂ ਕਿ ਇਹ ਗੱਲ ਸਹੀ ਹੋਵੇ ਜਾਂ ਨਾਂ, ਪਰ ਰਾਜੀਵ ਗਾਂਧੀ ਨੇ ਇਸ ਕਹਾਵਤ ਨੂੰ ਜ਼ਰੂਰ ਸੱਚਿਆਂ ਸਾਬਤ ਕਰ ਦਿਤਾ ਹੈ।
